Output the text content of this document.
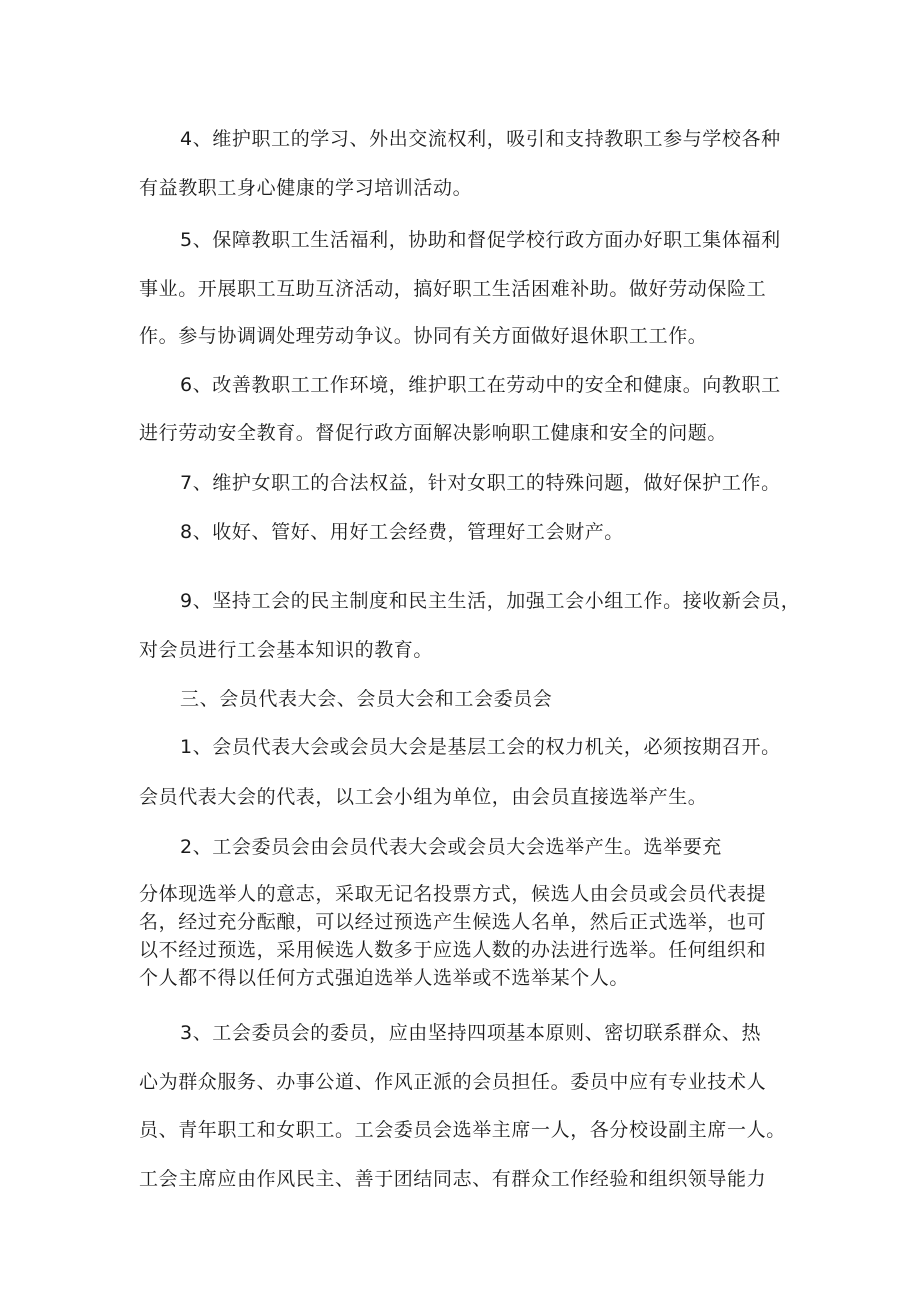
4、维护职工的学习、外出交流权利，吸引和支持教职工参与学校各种
有益教职工身心健康的学习培训活动。
5、保障教职工生活福利，协助和督促学校行政方面办好职工集体福利
事业。开展职工互助互济活动，搞好职工生活困难补助。做好劳动保险工
作。参与协调调处理劳动争议。协同有关方面做好退休职工工作。
6、改善教职工工作环境，维护职工在劳动中的安全和健康。向教职工
进行劳动安全教育。督促行政方面解决影响职工健康和安全的问题。
7、维护女职工的合法权益，针对女职工的特殊问题，做好保护工作。
8、收好、管好、用好工会经费，管理好工会财产。
9、坚持工会的民主制度和民主生活，加强工会小组工作。接收新会员，
对会员进行工会基本知识的教育。
三、会员代表大会、会员大会和工会委员会
1、会员代表大会或会员大会是基层工会的权力机关，必须按期召开。
会员代表大会的代表，以工会小组为单位，由会员直接选举产生。
2、工会委员会由会员代表大会或会员大会选举产生。选举要充
分体现选举人的意志，采取无记名投票方式，候选人由会员或会员代表提
名，经过充分酝酿，可以经过预选产生候选人名单，然后正式选举，也可
以不经过预选，采用候选人数多于应选人数的办法进行选举。任何组织和
个人都不得以任何方式强迫选举人选举或不选举某个人。
3、工会委员会的委员，应由坚持四项基本原则、密切联系群众、热
心为群众服务、办事公道、作风正派的会员担任。委员中应有专业技术人
员、青年职工和女职工。工会委员会选举主席一人，各分校设副主席一人。
工会主席应由作风民主、善于团结同志、有群众工作经验和组织领导能力
